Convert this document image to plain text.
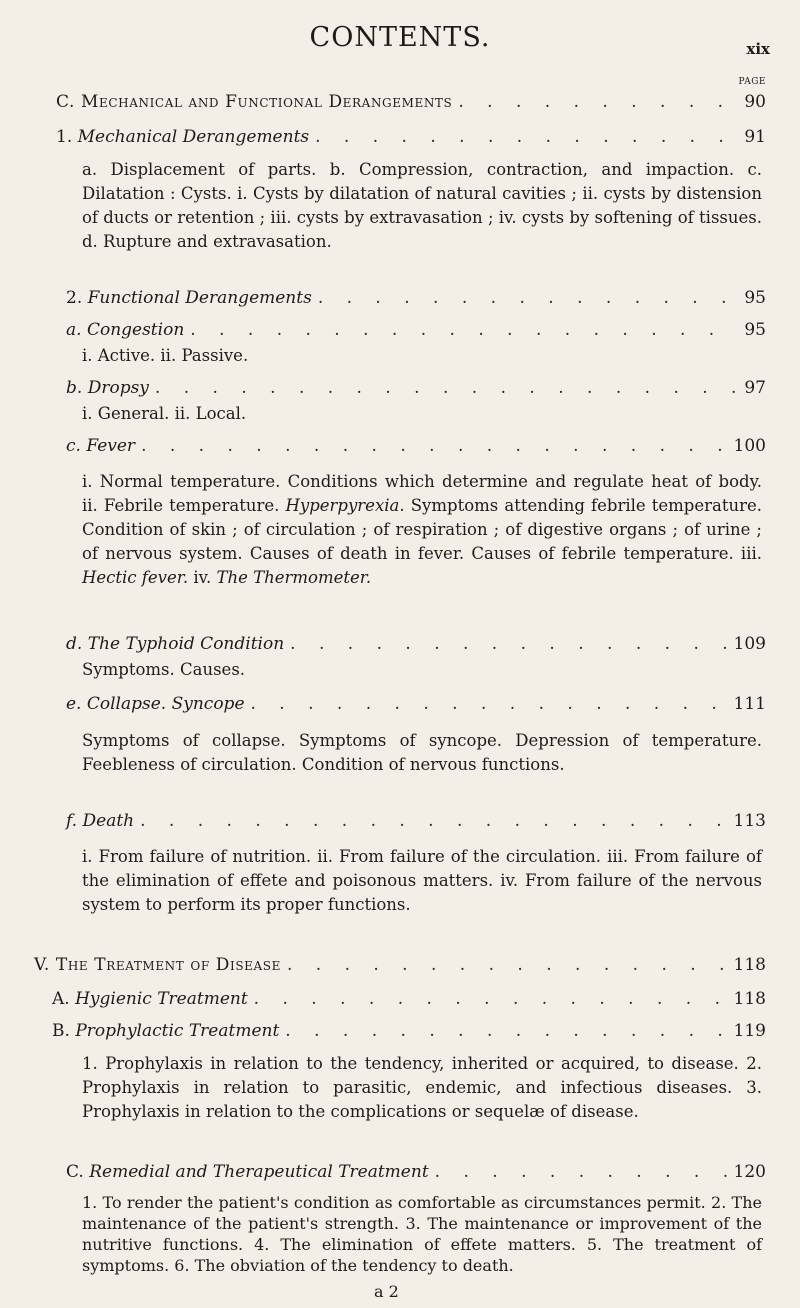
CONTENTS.	xix
PAGE
C. Mechanical and Functional Derangements . . .	90
1. Mechanical Derangements . . .	91
a. Displacement of parts. b. Compression, contraction, and impaction. c. Dilatation : Cysts. i. Cysts by dilatation of natural cavities ; ii. cysts by distension of ducts or retention ; iii. cysts by extravasation ; iv. cysts by softening of tissues. d. Rupture and extravasation.
2. Functional Derangements . . .	95
a. Congestion . . .	95
i. Active. ii. Passive.
b. Dropsy . . .	97
i. General. ii. Local.
c. Fever . . .	100
i. Normal temperature. Conditions which determine and regulate heat of body. ii. Febrile temperature. Hyperpyrexia. Symptoms attending febrile temperature. Condition of skin ; of circulation ; of respiration ; of digestive organs ; of urine ; of nervous system. Causes of death in fever. Causes of febrile temperature. iii. Hectic fever. iv. The Thermometer.
d. The Typhoid Condition . . .	109
Symptoms. Causes.
e. Collapse. Syncope . . .	111
Symptoms of collapse. Symptoms of syncope. Depression of temperature. Feebleness of circulation. Condition of nervous functions.
f. Death . . .	113
i. From failure of nutrition. ii. From failure of the circulation. iii. From failure of the elimination of effete and poisonous matters. iv. From failure of the nervous system to perform its proper functions.
V. The Treatment of Disease . . .	118
A. Hygienic Treatment . . .	118
B. Prophylactic Treatment . . .	119
1. Prophylaxis in relation to the tendency, inherited or acquired, to disease. 2. Prophylaxis in relation to parasitic, endemic, and infectious diseases. 3. Prophylaxis in relation to the complications or sequelæ of disease.
C. Remedial and Therapeutical Treatment . . .	120
1. To render the patient's condition as comfortable as circumstances permit. 2. The maintenance of the patient's strength. 3. The maintenance or improvement of the nutritive functions. 4. The elimination of effete matters. 5. The treatment of symptoms. 6. The obviation of the tendency to death.
a 2
